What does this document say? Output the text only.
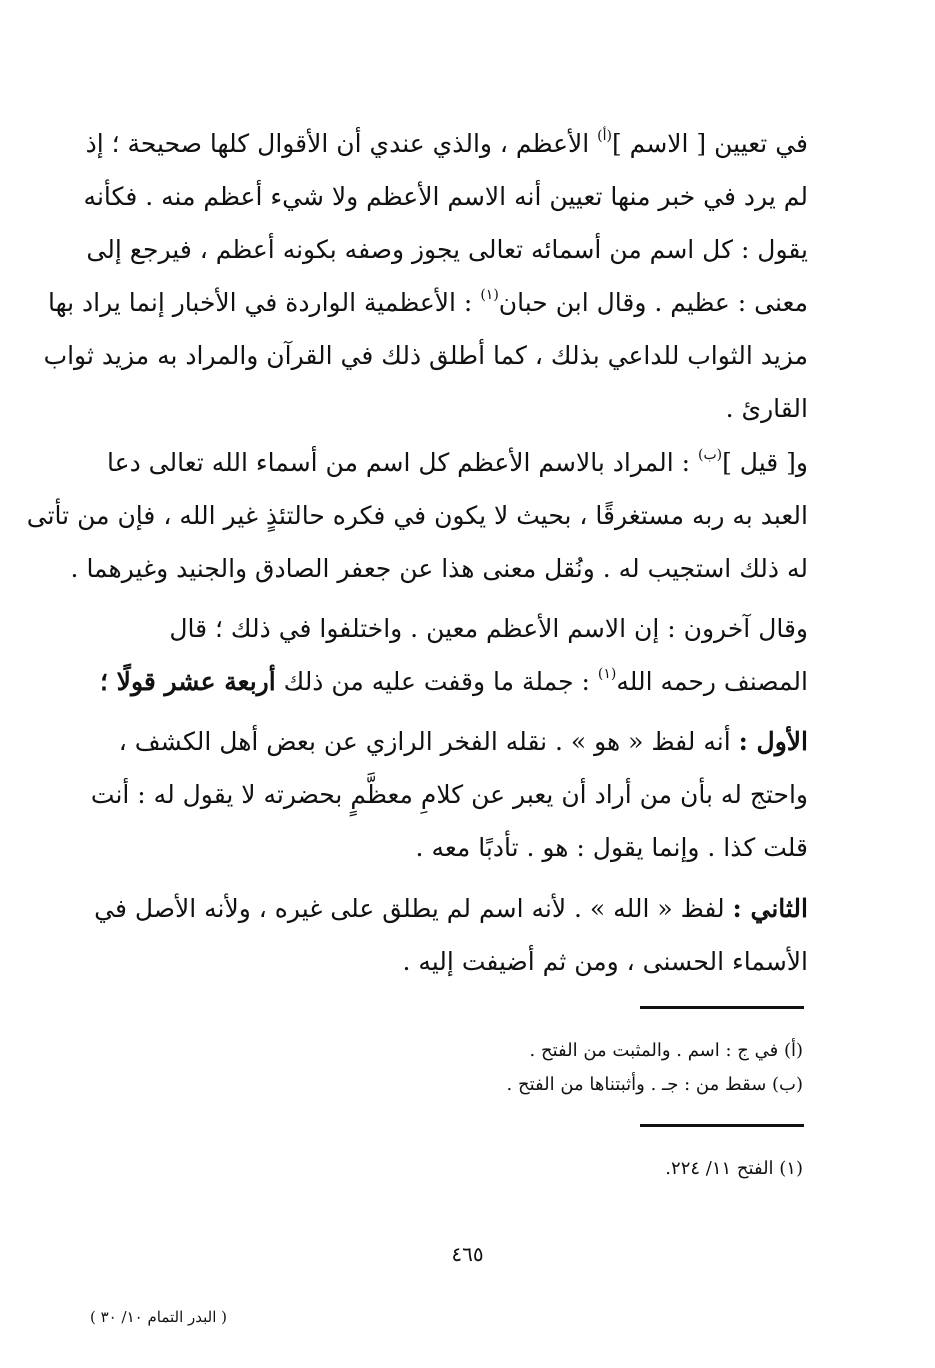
في تعيين [ الاسم ]$^{(أ)}$ الأعظم ، والذي عندي أن الأقوال كلها صحيحة ؛ إذ
لم يرد في خبر منها تعيين أنه الاسم الأعظم ولا شيء أعظم منه . فكأنه
يقول : كل اسم من أسمائه تعالى يجوز وصفه بكونه أعظم ، فيرجع إلى
معنى : عظيم . وقال ابن حبان$^{(١)}$ : الأعظمية الواردة في الأخبار إنما يراد بها
مزيد الثواب للداعي بذلك ، كما أطلق ذلك في القرآن والمراد به مزيد ثواب
القارئ .
و[ قيل ]$^{(ب)}$ : المراد بالاسم الأعظم كل اسم من أسماء الله تعالى دعا
العبد به ربه مستغرقًا ، بحيث لا يكون في فكره حالتئذٍ غير الله ، فإن من تأتى
له ذلك استجيب له . ونُقل معنى هذا عن جعفر الصادق والجنيد وغيرهما .
وقال آخرون : إن الاسم الأعظم معين . واختلفوا في ذلك ؛ قال
المصنف رحمه الله$^{(١)}$ : جملة ما وقفت عليه من ذلك أربعة عشر قولًا ؛
الأول : أنه لفظ « هو » . نقله الفخر الرازي عن بعض أهل الكشف ،
واحتج له بأن من أراد أن يعبر عن كلامِ معظَّمٍ بحضرته لا يقول له : أنت
قلت كذا . وإنما يقول : هو . تأدبًا معه .
الثاني : لفظ « الله » . لأنه اسم لم يطلق على غيره ، ولأنه الأصل في
الأسماء الحسنى ، ومن ثم أضيفت إليه .
(أ) في ج : اسم . والمثبت من الفتح .
(ب) سقط من : جـ . وأثبتناها من الفتح .
(١) الفتح ١١/ ٢٢٤.
٤٦٥
( البدر التمام ١٠/ ٣٠ )
